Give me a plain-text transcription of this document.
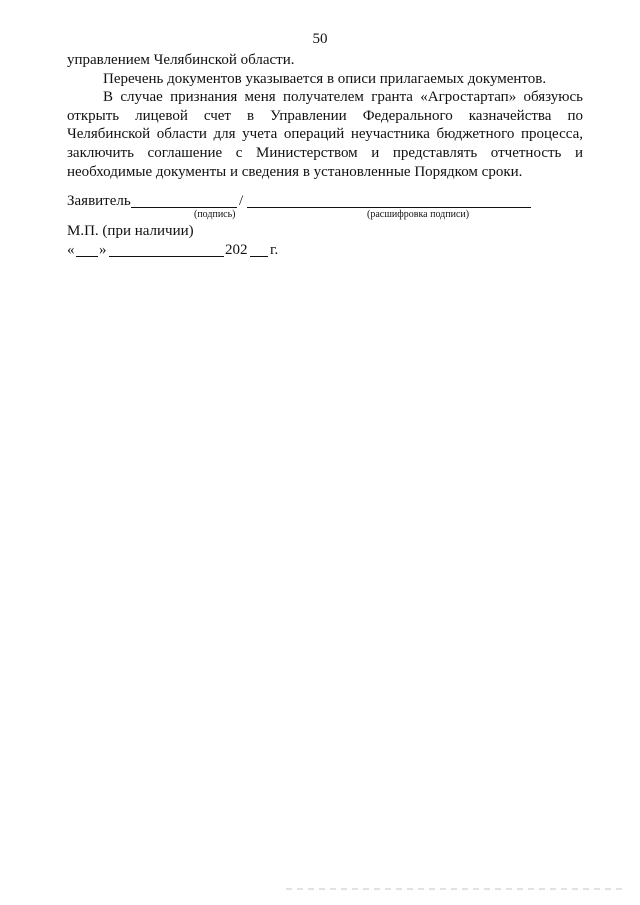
50

управлением Челябинской области.

Перечень документов указывается в описи прилагаемых документов.

В случае признания меня получателем гранта «Агростартап» обязуюсь открыть лицевой счет в Управлении Федерального казначейства по Челябинской области для учета операций неучастника бюджетного процесса, заключить соглашение с Министерством и представлять отчетность и необходимые документы и сведения в установленные Порядком сроки.

Заявитель	/
(подпись)	(расшифровка подписи)
М.П. (при наличии)
« »	202 г.
